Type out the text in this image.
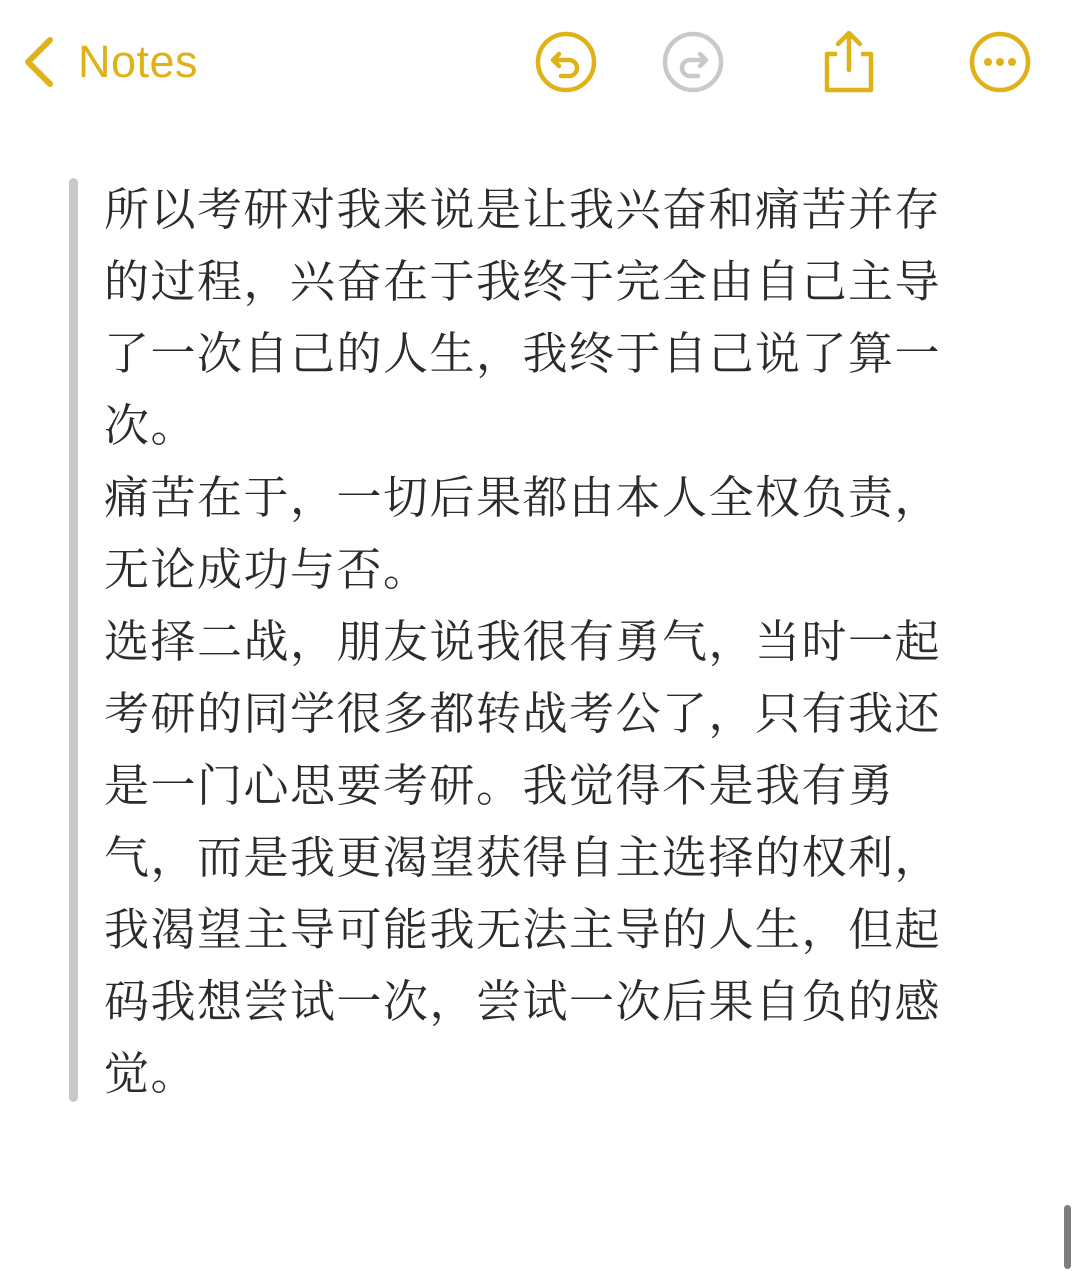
Notes
所以考研对我来说是让我兴奋和痛苦并存
的过程，兴奋在于我终于完全由自己主导
了一次自己的人生，我终于自己说了算一
次。
痛苦在于，一切后果都由本人全权负责，
无论成功与否。
选择二战，朋友说我很有勇气，当时一起
考研的同学很多都转战考公了，只有我还
是一门心思要考研。我觉得不是我有勇
气，而是我更渴望获得自主选择的权利，
我渴望主导可能我无法主导的人生，但起
码我想尝试一次，尝试一次后果自负的感
觉。
